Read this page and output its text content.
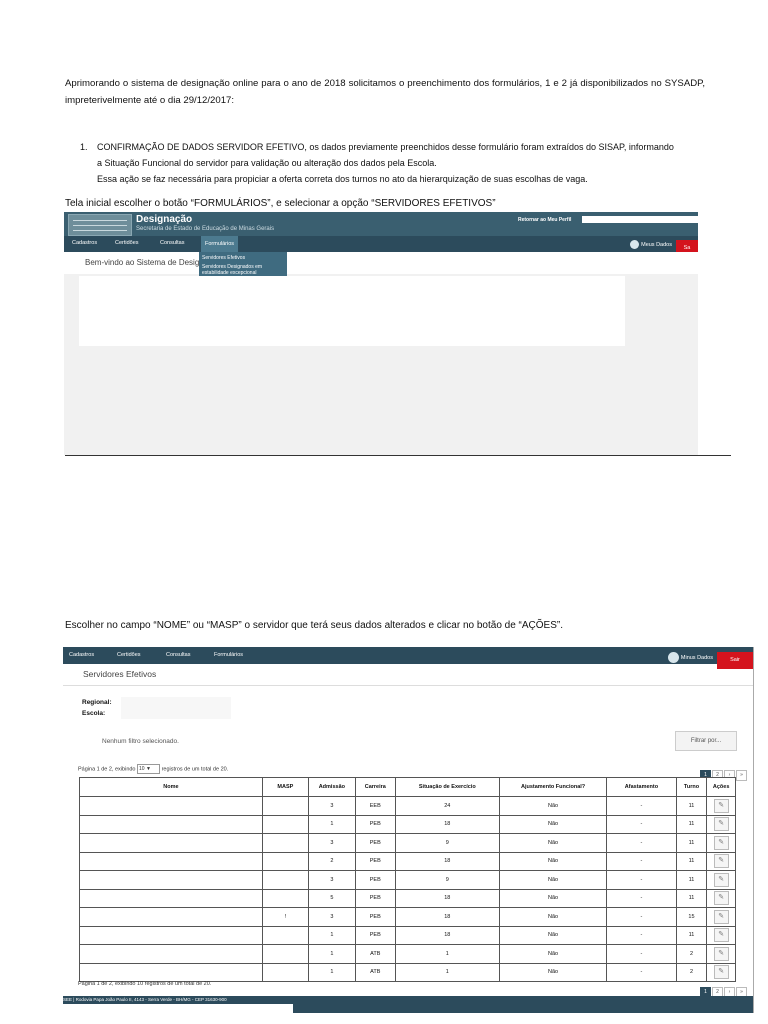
Aprimorando o sistema de designação online para o ano de 2018 solicitamos o preenchimento dos formulários, 1 e 2 já disponibilizados no SYSADP, impreterivelmente até o dia 29/12/2017:
1. CONFIRMAÇÃO DE DADOS SERVIDOR EFETIVO, os dados previamente preenchidos desse formulário foram extraídos do SISAP, informando
a Situação Funcional do servidor para validação ou alteração dos dados pela Escola.
Essa ação se faz necessária para propiciar a oferta correta dos turnos no ato da hierarquização de suas escolhas de vaga.
Tela inicial escolher o botão “FORMULÁRIOS”, e selecionar a opção “SERVIDORES EFETIVOS”
Designação
Secretaria de Estado de Educação de Minas Gerais
Retornar ao Meu Perfil
Cadastros	Certidões	Consultas	Formulários	Meus Dados
Sa
Bem-vindo ao Sistema de Desig Servidores Efetivos
Servidores Designados em estabilidade excepcional
Escolher no campo “NOME” ou “MASP” o servidor que terá seus dados alterados e clicar no botão de “AÇÕES”.
Cadastros	Certidões	Consultas	Formulários	Minus Dados	Sair
Servidores Efetivos
Regional:
Escola:
Nenhum filtro selecionado.	Filtrar por...
Página 1 de 2, exibindo 10 ▼ registros de um total de 20.
1 2 › »
Nome	MASP	Admissão	Carreira	Situação de Exercício	Ajustamento Funcional?	Afastamento	Turno	Ações
		3	EEB	24	Não	-	11	✎
		1	PEB	18	Não	-	11	✎
		3	PEB	9	Não	-	11	✎
		2	PEB	18	Não	-	11	✎
		3	PEB	9	Não	-	11	✎
		5	PEB	18	Não	-	11	✎
	!	3	PEB	18	Não	-	15	✎
		1	PEB	18	Não	-	11	✎
		1	ATB	1	Não	-	2	✎
		1	ATB	1	Não	-	2	✎
Página 1 de 2, exibindo 10 registros de um total de 20.
1 2 › »
SEE | Rodovia Papa João Paulo II, 4143 - Serra Verde - BH/MG - CEP 31630-900
